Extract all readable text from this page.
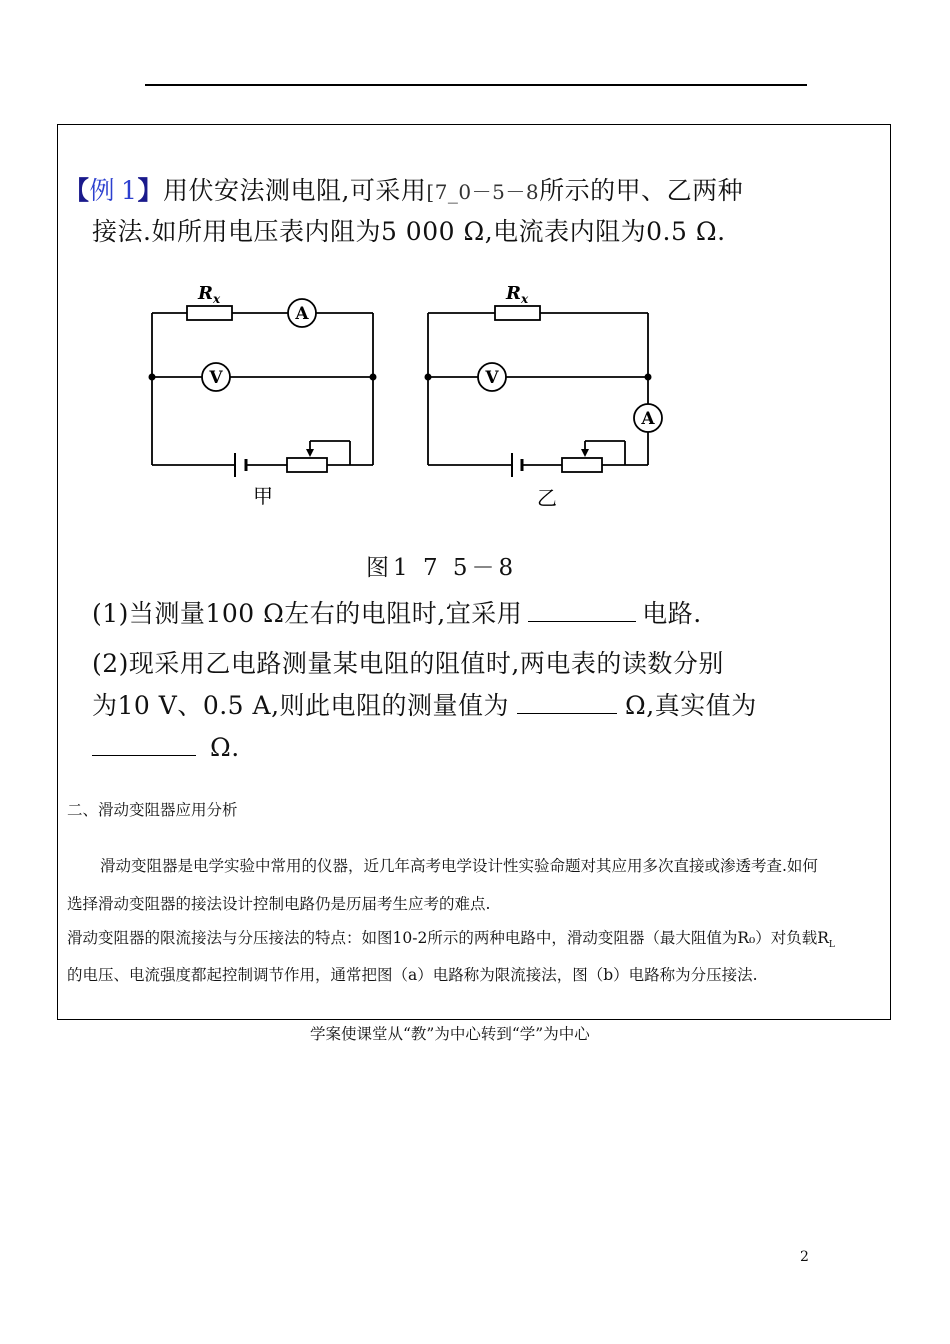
【例 1】用伏安法测电阻,可采用[7_0－5－8所示的甲、乙两种
接法.如所用电压表内阻为5 000 Ω,电流表内阻为0.5 Ω.
$R_x$	$R_x$
A
V	V
A
甲	乙
图1 7 5－8
(1)当测量100 Ω左右的电阻时,宜采用	电路.
(2)现采用乙电路测量某电阻的阻值时,两电表的读数分别
为10 V、0.5 A,则此电阻的测量值为	Ω,真实值为
Ω.
二、滑动变阻器应用分析
滑动变阻器是电学实验中常用的仪器，近几年高考电学设计性实验命题对其应用多次直接或渗透考查.如何
选择滑动变阻器的接法设计控制电路仍是历届考生应考的难点.
滑动变阻器的限流接法与分压接法的特点：如图10-2所示的两种电路中，滑动变阻器（最大阻值为R₀）对负载$R_L$
的电压、电流强度都起控制调节作用，通常把图（a）电路称为限流接法，图（b）电路称为分压接法.
学案使课堂从“教”为中心转到“学”为中心
2
